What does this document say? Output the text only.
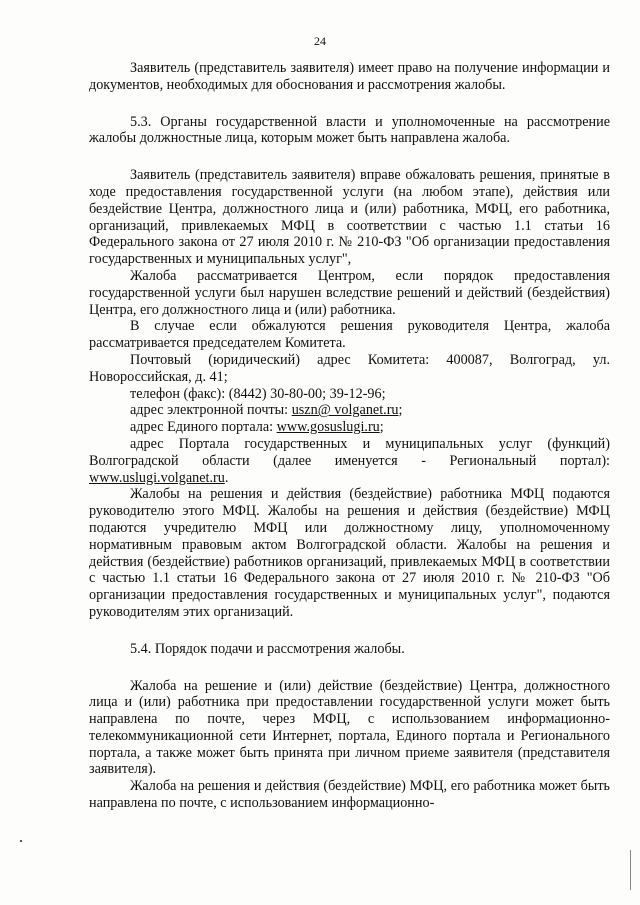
24

Заявитель (представитель заявителя) имеет право на получение информации и документов, необходимых для обоснования и рассмотрения жалобы.

5.3. Органы государственной власти и уполномоченные на рассмотрение жалобы должностные лица, которым может быть направлена жалоба.

Заявитель (представитель заявителя) вправе обжаловать решения, принятые в ходе предоставления государственной услуги (на любом этапе), действия или бездействие Центра, должностного лица и (или) работника, МФЦ, его работника, организаций, привлекаемых МФЦ в соответствии с частью 1.1 статьи 16 Федерального закона от 27 июля 2010 г. № 210-ФЗ "Об организации предоставления государственных и муниципальных услуг",

Жалоба рассматривается Центром, если порядок предоставления государственной услуги был нарушен вследствие решений и действий (бездействия) Центра, его должностного лица и (или) работника.

В случае если обжалуются решения руководителя Центра, жалоба рассматривается председателем Комитета.

Почтовый (юридический) адрес Комитета: 400087, Волгоград, ул. Новороссийская, д. 41;

телефон (факс): (8442) 30-80-00; 39-12-96;

адрес электронной почты: uszn@ volganet.ru;

адрес Единого портала: www.gosuslugi.ru;

адрес Портала государственных и муниципальных услуг (функций) Волгоградской области (далее именуется - Региональный портал): www.uslugi.volganet.ru.

Жалобы на решения и действия (бездействие) работника МФЦ подаются руководителю этого МФЦ. Жалобы на решения и действия (бездействие) МФЦ подаются учредителю МФЦ или должностному лицу, уполномоченному нормативным правовым актом Волгоградской области. Жалобы на решения и действия (бездействие) работников организаций, привлекаемых МФЦ в соответствии с частью 1.1 статьи 16 Федерального закона от 27 июля 2010 г. № 210-ФЗ "Об организации предоставления государственных и муниципальных услуг", подаются руководителям этих организаций.

5.4. Порядок подачи и рассмотрения жалобы.

Жалоба на решение и (или) действие (бездействие) Центра, должностного лица и (или) работника при предоставлении государственной услуги может быть направлена по почте, через МФЦ, с использованием информационно-телекоммуникационной сети Интернет, портала, Единого портала и Регионального портала, а также может быть принята при личном приеме заявителя (представителя заявителя).

Жалоба на решения и действия (бездействие) МФЦ, его работника может быть направлена по почте, с использованием информационно-
